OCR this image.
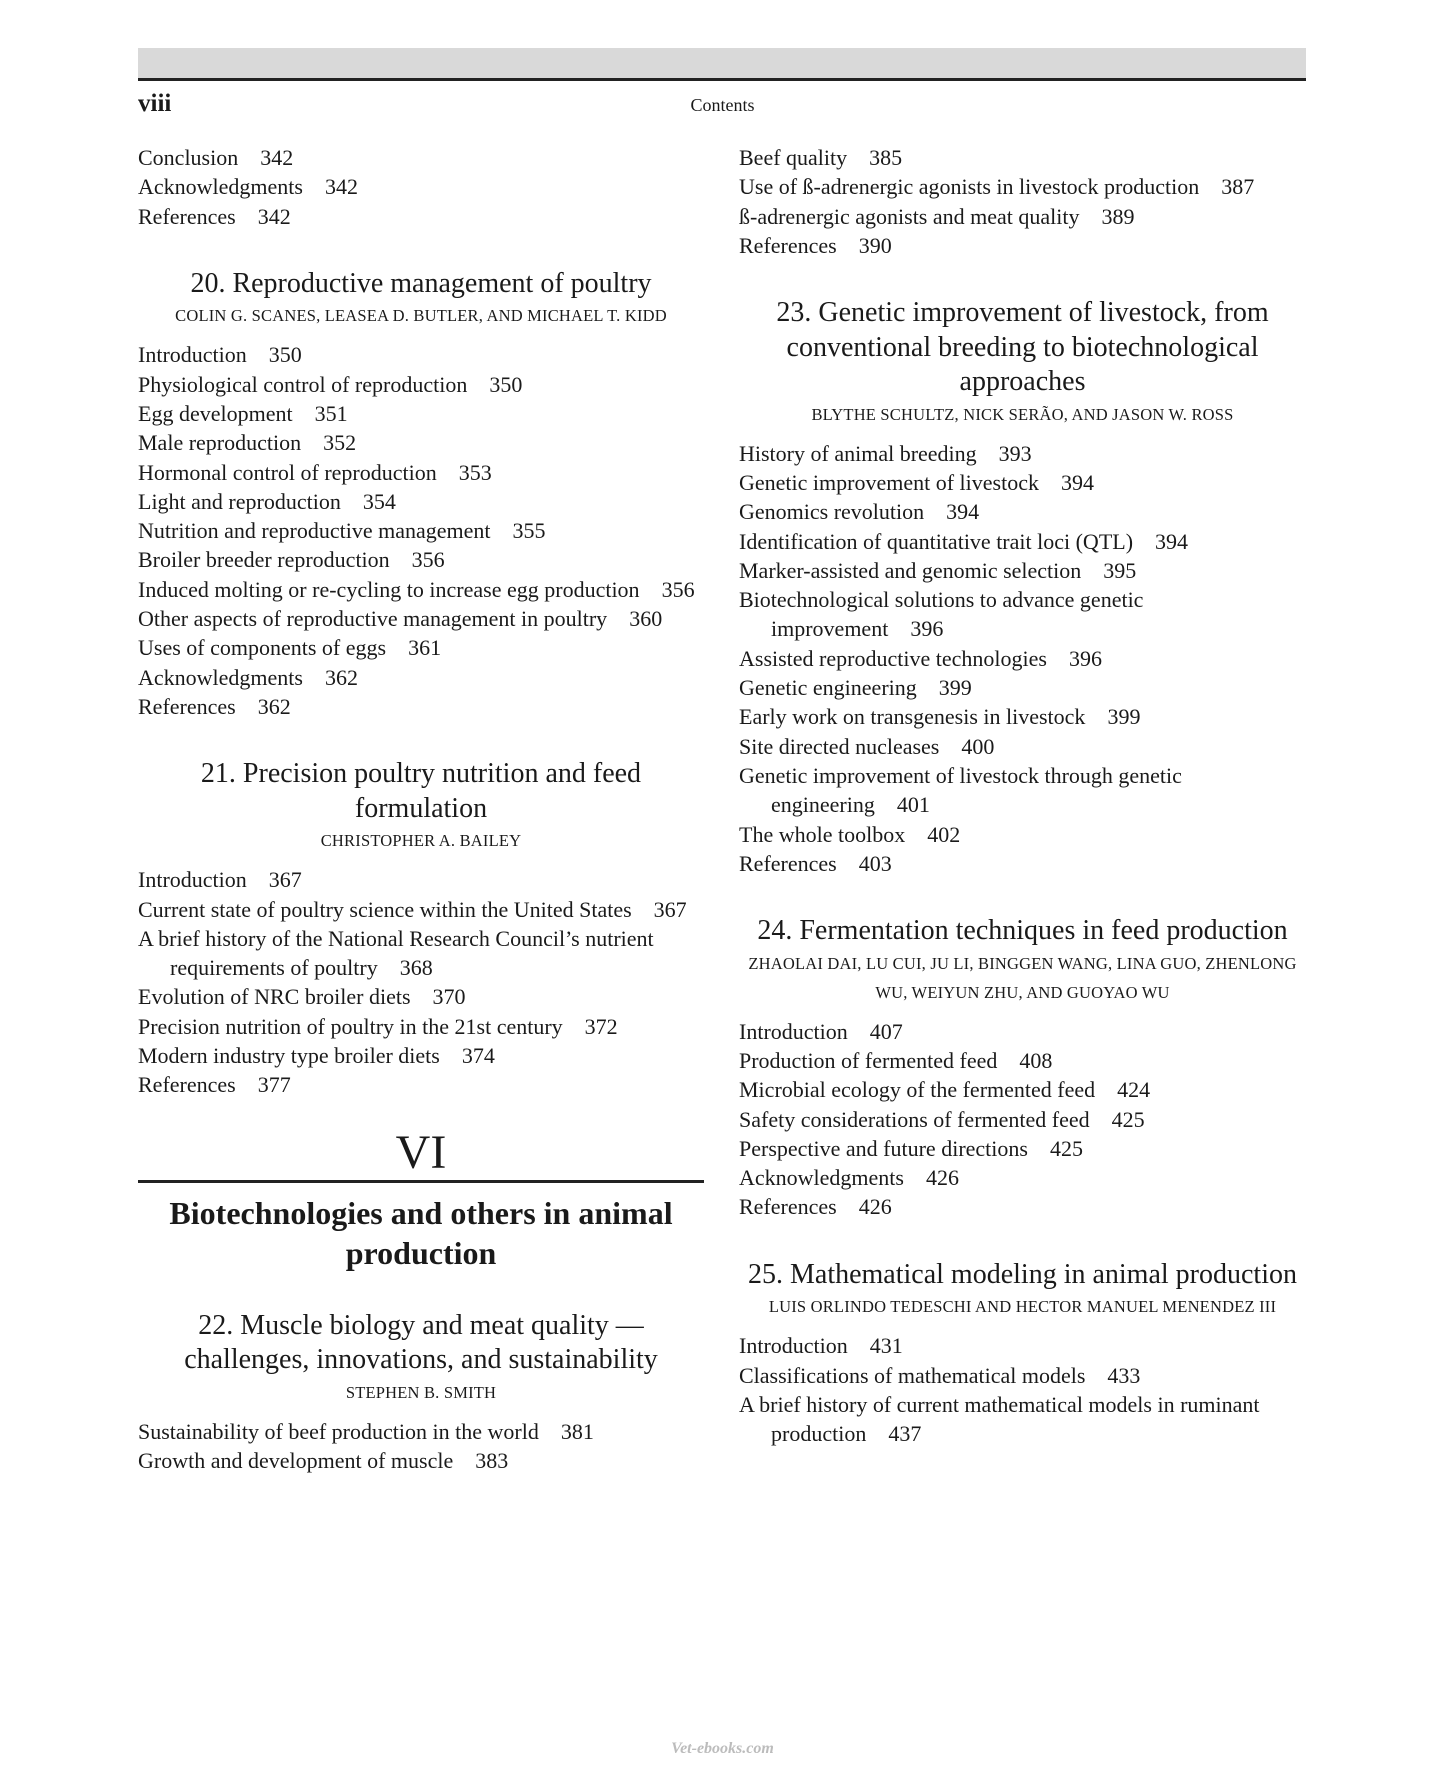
viii	Contents
Conclusion 342
Acknowledgments 342
References 342
20. Reproductive management of poultry
COLIN G. SCANES, LEASEA D. BUTLER, AND MICHAEL T. KIDD
Introduction 350
Physiological control of reproduction 350
Egg development 351
Male reproduction 352
Hormonal control of reproduction 353
Light and reproduction 354
Nutrition and reproductive management 355
Broiler breeder reproduction 356
Induced molting or re-cycling to increase egg production 356
Other aspects of reproductive management in poultry 360
Uses of components of eggs 361
Acknowledgments 362
References 362
21. Precision poultry nutrition and feed formulation
CHRISTOPHER A. BAILEY
Introduction 367
Current state of poultry science within the United States 367
A brief history of the National Research Council’s nutrient requirements of poultry 368
Evolution of NRC broiler diets 370
Precision nutrition of poultry in the 21st century 372
Modern industry type broiler diets 374
References 377
VI
Biotechnologies and others in animal production
22. Muscle biology and meat quality — challenges, innovations, and sustainability
STEPHEN B. SMITH
Sustainability of beef production in the world 381
Growth and development of muscle 383
Beef quality 385
Use of ß-adrenergic agonists in livestock production 387
ß-adrenergic agonists and meat quality 389
References 390
23. Genetic improvement of livestock, from conventional breeding to biotechnological approaches
BLYTHE SCHULTZ, NICK SERÃO, AND JASON W. ROSS
History of animal breeding 393
Genetic improvement of livestock 394
Genomics revolution 394
Identification of quantitative trait loci (QTL) 394
Marker-assisted and genomic selection 395
Biotechnological solutions to advance genetic improvement 396
Assisted reproductive technologies 396
Genetic engineering 399
Early work on transgenesis in livestock 399
Site directed nucleases 400
Genetic improvement of livestock through genetic engineering 401
The whole toolbox 402
References 403
24. Fermentation techniques in feed production
ZHAOLAI DAI, LU CUI, JU LI, BINGGEN WANG, LINA GUO, ZHENLONG WU, WEIYUN ZHU, AND GUOYAO WU
Introduction 407
Production of fermented feed 408
Microbial ecology of the fermented feed 424
Safety considerations of fermented feed 425
Perspective and future directions 425
Acknowledgments 426
References 426
25. Mathematical modeling in animal production
LUIS ORLINDO TEDESCHI AND HECTOR MANUEL MENENDEZ III
Introduction 431
Classifications of mathematical models 433
A brief history of current mathematical models in ruminant production 437
Vet-ebooks.com
